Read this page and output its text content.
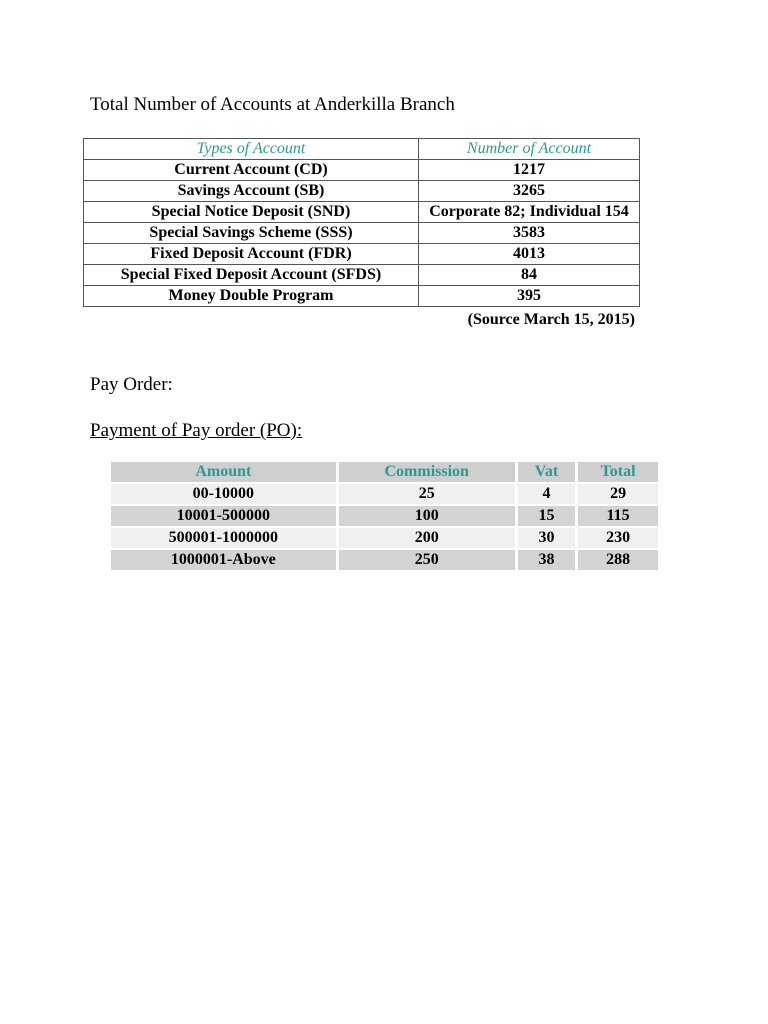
Total Number of Accounts at Anderkilla Branch
Types of Account	Number of Account
Current Account (CD)	1217
Savings Account (SB)	3265
Special Notice Deposit (SND)	Corporate 82; Individual 154
Special Savings Scheme (SSS)	3583
Fixed Deposit Account (FDR)	4013
Special Fixed Deposit Account (SFDS)	84
Money Double Program	395
(Source March 15, 2015)
Pay Order:
Payment of Pay order (PO):
Amount	Commission	Vat	Total
00-10000	25	4	29
10001-500000	100	15	115
500001-1000000	200	30	230
1000001-Above	250	38	288
